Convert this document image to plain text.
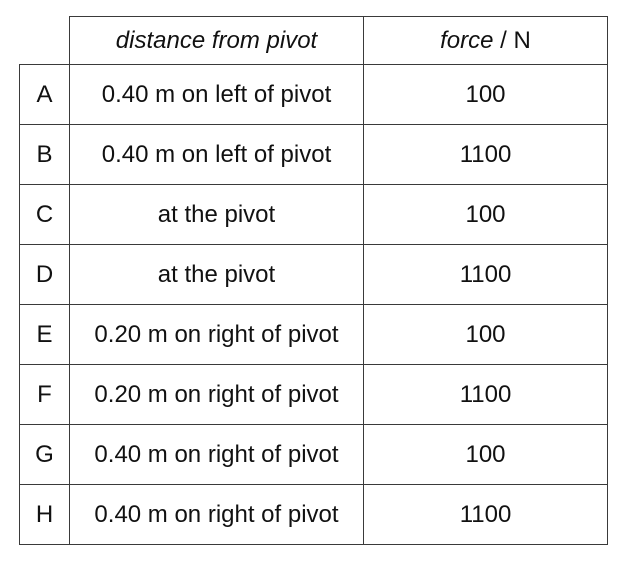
	distance from pivot	force / N
A	0.40 m on left of pivot	100
B	0.40 m on left of pivot	1100
C	at the pivot	100
D	at the pivot	1100
E	0.20 m on right of pivot	100
F	0.20 m on right of pivot	1100
G	0.40 m on right of pivot	100
H	0.40 m on right of pivot	1100
